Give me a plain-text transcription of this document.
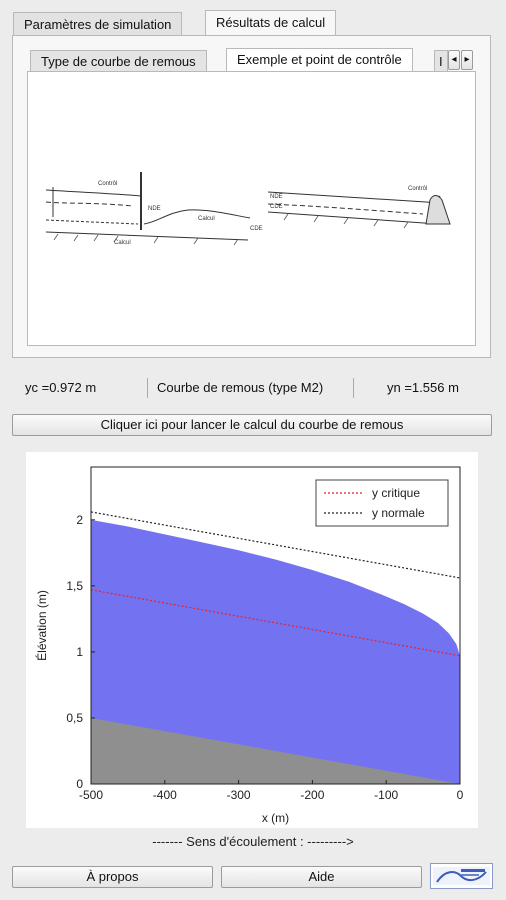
Paramètres de simulation	Résultats de calcul
Type de courbe de remous	Exemple et point de contrôle	I ◂ ▸
Contrôl
NDE
Calcul
Calcul
CDE
Contrôl
NDE
CDE
yc =0.972 m	Courbe de remous (type M2)	yn =1.556 m
Cliquer ici pour lancer le calcul du courbe de remous
-500	-400	-300	-200	-100	0
0
0,5
1
1,5
2
x (m)
Élévation (m)
y critique
y normale
------- Sens d'écoulement : --------->
À propos	Aide
